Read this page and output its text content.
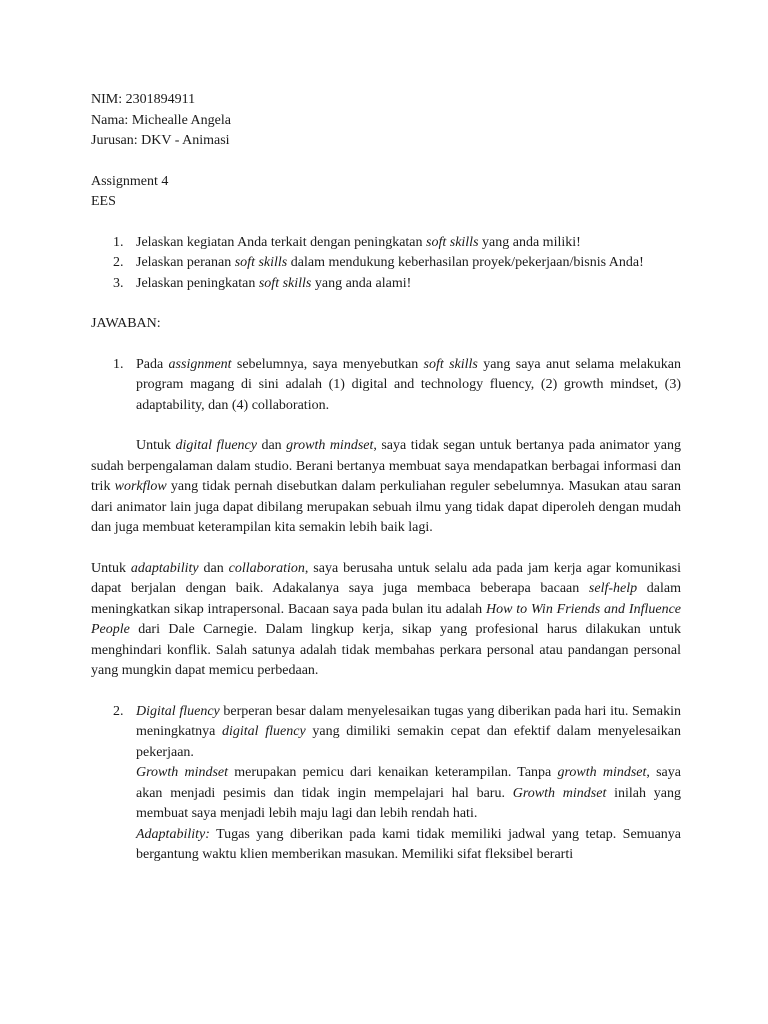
NIM: 2301894911

Nama: Michealle Angela

Jurusan: DKV - Animasi

Assignment 4

EES

1. Jelaskan kegiatan Anda terkait dengan peningkatan soft skills yang anda miliki!
2. Jelaskan peranan soft skills dalam mendukung keberhasilan proyek/pekerjaan/bisnis Anda!
3. Jelaskan peningkatan soft skills yang anda alami!

JAWABAN:

1. Pada assignment sebelumnya, saya menyebutkan soft skills yang saya anut selama melakukan program magang di sini adalah (1) digital and technology fluency, (2) growth mindset, (3) adaptability, dan (4) collaboration.

Untuk digital fluency dan growth mindset, saya tidak segan untuk bertanya pada animator yang sudah berpengalaman dalam studio. Berani bertanya membuat saya mendapatkan berbagai informasi dan trik workflow yang tidak pernah disebutkan dalam perkuliahan reguler sebelumnya. Masukan atau saran dari animator lain juga dapat dibilang merupakan sebuah ilmu yang tidak dapat diperoleh dengan mudah dan juga membuat keterampilan kita semakin lebih baik lagi.

Untuk adaptability dan collaboration, saya berusaha untuk selalu ada pada jam kerja agar komunikasi dapat berjalan dengan baik. Adakalanya saya juga membaca beberapa bacaan self-help dalam meningkatkan sikap intrapersonal. Bacaan saya pada bulan itu adalah How to Win Friends and Influence People dari Dale Carnegie. Dalam lingkup kerja, sikap yang profesional harus dilakukan untuk menghindari konflik. Salah satunya adalah tidak membahas perkara personal atau pandangan personal yang mungkin dapat memicu perbedaan.

2. Digital fluency berperan besar dalam menyelesaikan tugas yang diberikan pada hari itu. Semakin meningkatnya digital fluency yang dimiliki semakin cepat dan efektif dalam menyelesaikan pekerjaan.

Growth mindset merupakan pemicu dari kenaikan keterampilan. Tanpa growth mindset, saya akan menjadi pesimis dan tidak ingin mempelajari hal baru. Growth mindset inilah yang membuat saya menjadi lebih maju lagi dan lebih rendah hati.

Adaptability: Tugas yang diberikan pada kami tidak memiliki jadwal yang tetap. Semuanya bergantung waktu klien memberikan masukan. Memiliki sifat fleksibel berarti
